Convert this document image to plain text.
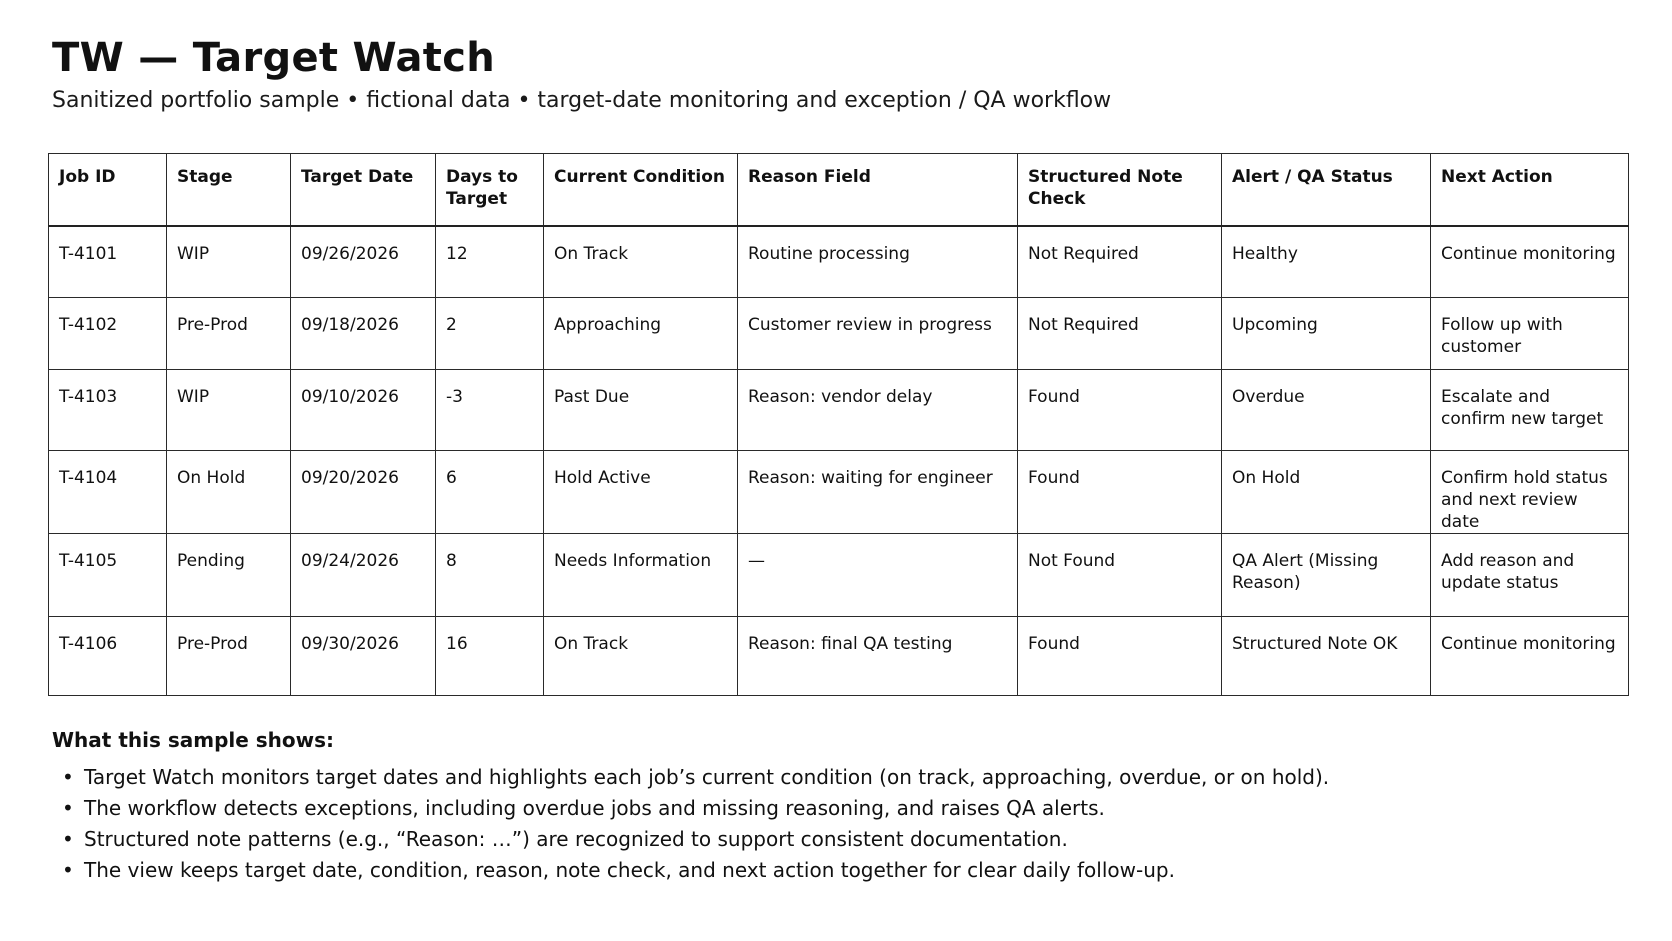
TW — Target Watch
Sanitized portfolio sample • fictional data • target-date monitoring and exception / QA workflow
Job ID	Stage	Target Date	Days to Target	Current Condition	Reason Field	Structured Note Check	Alert / QA Status	Next Action
T-4101	WIP	09/26/2026	12	On Track	Routine processing	Not Required	Healthy	Continue monitoring
T-4102	Pre-Prod	09/18/2026	2	Approaching	Customer review in progress	Not Required	Upcoming	Follow up with customer
T-4103	WIP	09/10/2026	-3	Past Due	Reason: vendor delay	Found	Overdue	Escalate and confirm new target
T-4104	On Hold	09/20/2026	6	Hold Active	Reason: waiting for engineer	Found	On Hold	Confirm hold status and next review date
T-4105	Pending	09/24/2026	8	Needs Information	—	Not Found	QA Alert (Missing Reason)	Add reason and update status
T-4106	Pre-Prod	09/30/2026	16	On Track	Reason: final QA testing	Found	Structured Note OK	Continue monitoring
What this sample shows:
• Target Watch monitors target dates and highlights each job’s current condition (on track, approaching, overdue, or on hold).
• The workflow detects exceptions, including overdue jobs and missing reasoning, and raises QA alerts.
• Structured note patterns (e.g., “Reason: …”) are recognized to support consistent documentation.
• The view keeps target date, condition, reason, note check, and next action together for clear daily follow-up.
